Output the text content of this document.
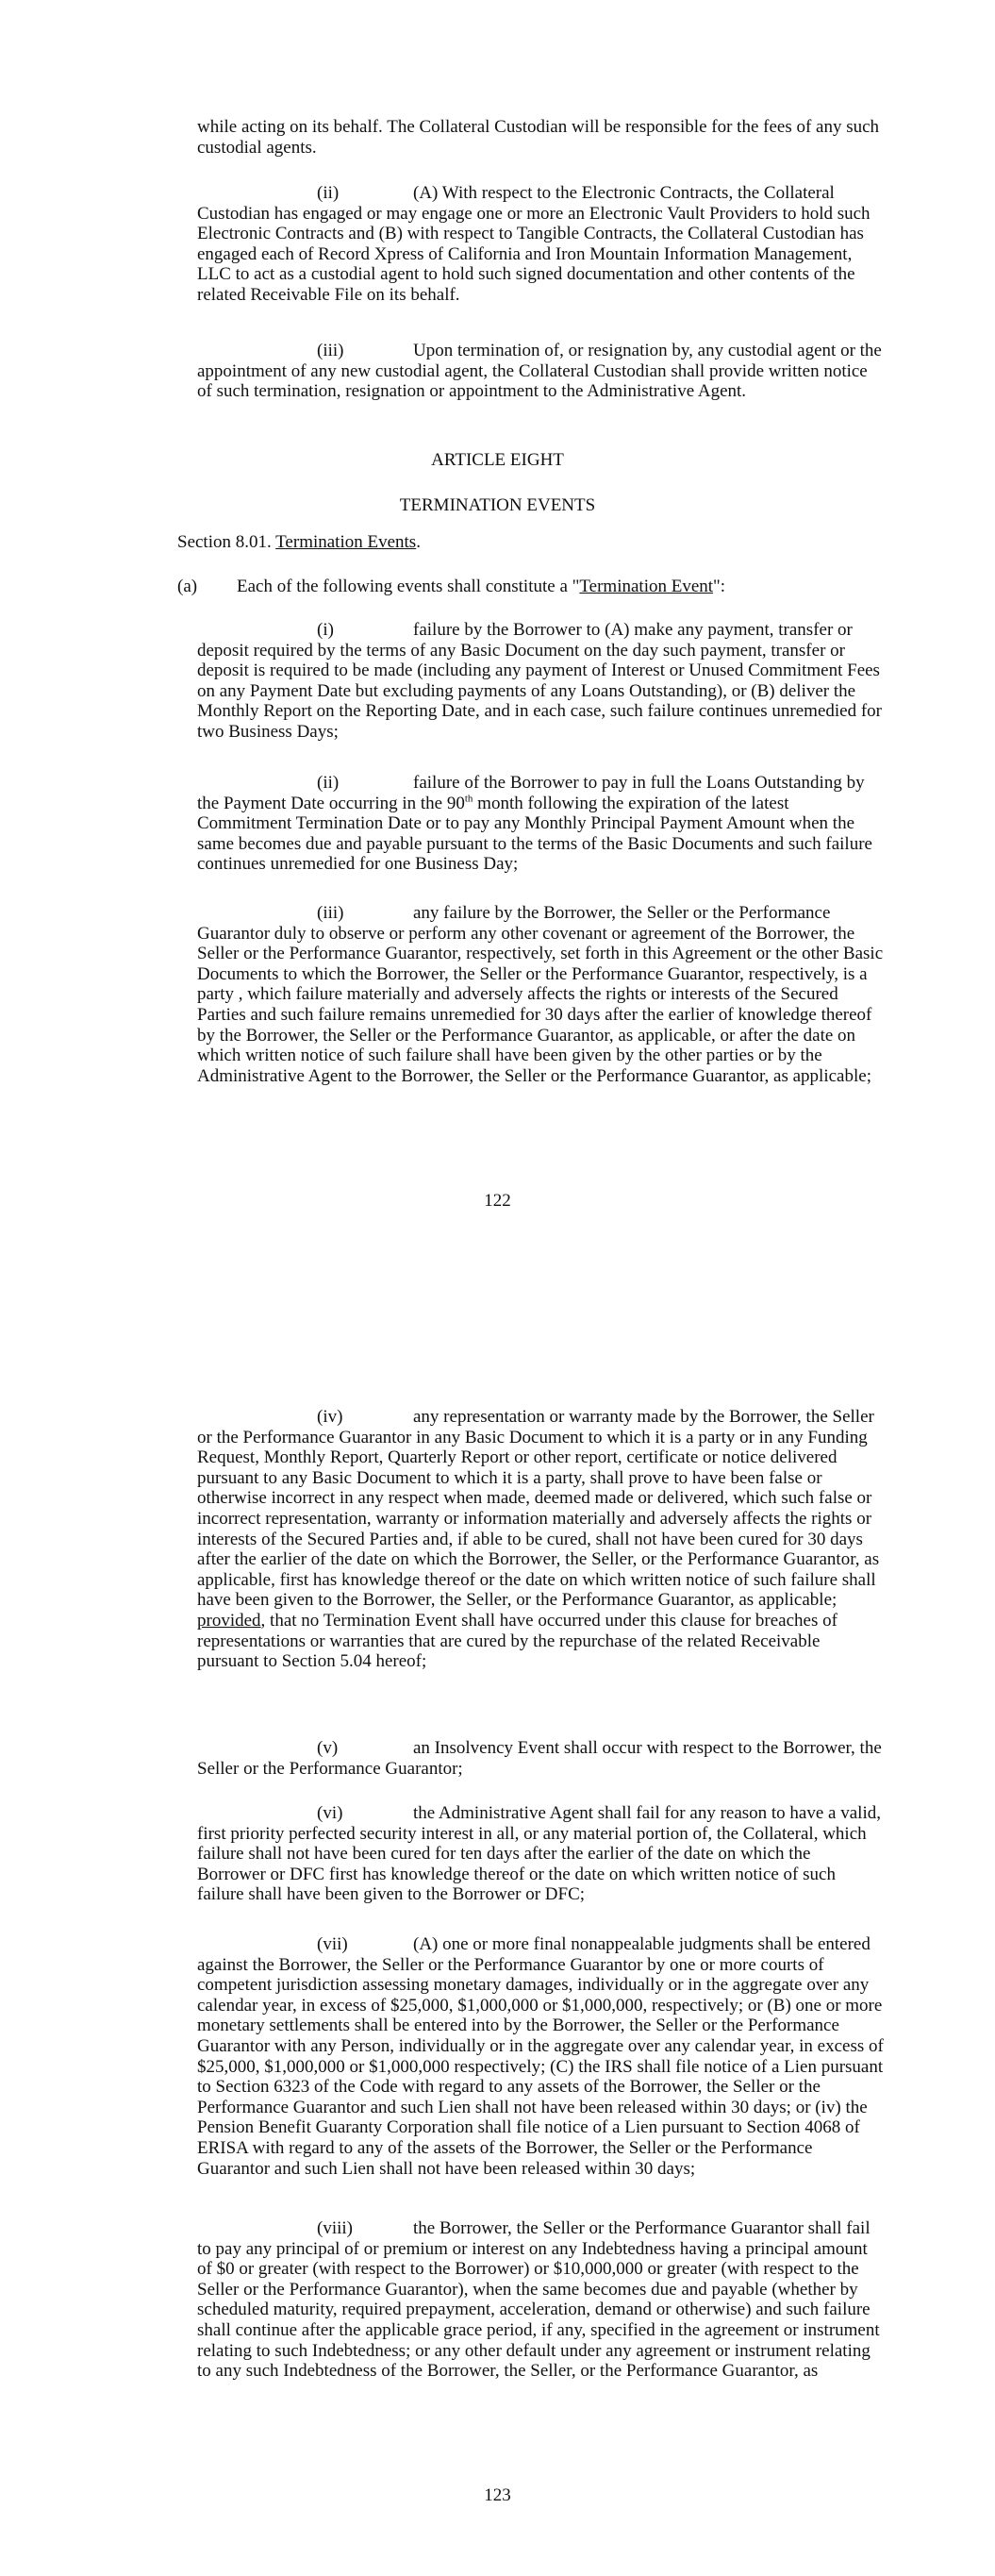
while acting on its behalf. The Collateral Custodian will be responsible for the fees of any such custodial agents.

(ii)	(A) With respect to the Electronic Contracts, the Collateral Custodian has engaged or may engage one or more an Electronic Vault Providers to hold such Electronic Contracts and (B) with respect to Tangible Contracts, the Collateral Custodian has engaged each of Record Xpress of California and Iron Mountain Information Management, LLC to act as a custodial agent to hold such signed documentation and other contents of the related Receivable File on its behalf.

(iii)	Upon termination of, or resignation by, any custodial agent or the appointment of any new custodial agent, the Collateral Custodian shall provide written notice of such termination, resignation or appointment to the Administrative Agent.

ARTICLE EIGHT

TERMINATION EVENTS

Section 8.01. Termination Events.

(a) Each of the following events shall constitute a "Termination Event":

(i)	failure by the Borrower to (A) make any payment, transfer or deposit required by the terms of any Basic Document on the day such payment, transfer or deposit is required to be made (including any payment of Interest or Unused Commitment Fees on any Payment Date but excluding payments of any Loans Outstanding), or (B) deliver the Monthly Report on the Reporting Date, and in each case, such failure continues unremedied for two Business Days;

(ii)	failure of the Borrower to pay in full the Loans Outstanding by the Payment Date occurring in the 90th month following the expiration of the latest Commitment Termination Date or to pay any Monthly Principal Payment Amount when the same becomes due and payable pursuant to the terms of the Basic Documents and such failure continues unremedied for one Business Day;

(iii)	any failure by the Borrower, the Seller or the Performance Guarantor duly to observe or perform any other covenant or agreement of the Borrower, the Seller or the Performance Guarantor, respectively, set forth in this Agreement or the other Basic Documents to which the Borrower, the Seller or the Performance Guarantor, respectively, is a party , which failure materially and adversely affects the rights or interests of the Secured Parties and such failure remains unremedied for 30 days after the earlier of knowledge thereof by the Borrower, the Seller or the Performance Guarantor, as applicable, or after the date on which written notice of such failure shall have been given by the other parties or by the Administrative Agent to the Borrower, the Seller or the Performance Guarantor, as applicable;

122

(iv)	any representation or warranty made by the Borrower, the Seller or the Performance Guarantor in any Basic Document to which it is a party or in any Funding Request, Monthly Report, Quarterly Report or other report, certificate or notice delivered pursuant to any Basic Document to which it is a party, shall prove to have been false or otherwise incorrect in any respect when made, deemed made or delivered, which such false or incorrect representation, warranty or information materially and adversely affects the rights or interests of the Secured Parties and, if able to be cured, shall not have been cured for 30 days after the earlier of the date on which the Borrower, the Seller, or the Performance Guarantor, as applicable, first has knowledge thereof or the date on which written notice of such failure shall have been given to the Borrower, the Seller, or the Performance Guarantor, as applicable; provided, that no Termination Event shall have occurred under this clause for breaches of representations or warranties that are cured by the repurchase of the related Receivable pursuant to Section 5.04 hereof;

(v)	an Insolvency Event shall occur with respect to the Borrower, the Seller or the Performance Guarantor;

(vi)	the Administrative Agent shall fail for any reason to have a valid, first priority perfected security interest in all, or any material portion of, the Collateral, which failure shall not have been cured for ten days after the earlier of the date on which the Borrower or DFC first has knowledge thereof or the date on which written notice of such failure shall have been given to the Borrower or DFC;

(vii)	(A) one or more final nonappealable judgments shall be entered against the Borrower, the Seller or the Performance Guarantor by one or more courts of competent jurisdiction assessing monetary damages, individually or in the aggregate over any calendar year, in excess of $25,000, $1,000,000 or $1,000,000, respectively; or (B) one or more monetary settlements shall be entered into by the Borrower, the Seller or the Performance Guarantor with any Person, individually or in the aggregate over any calendar year, in excess of $25,000, $1,000,000 or $1,000,000 respectively; (C) the IRS shall file notice of a Lien pursuant to Section 6323 of the Code with regard to any assets of the Borrower, the Seller or the Performance Guarantor and such Lien shall not have been released within 30 days; or (iv) the Pension Benefit Guaranty Corporation shall file notice of a Lien pursuant to Section 4068 of ERISA with regard to any of the assets of the Borrower, the Seller or the Performance Guarantor and such Lien shall not have been released within 30 days;

(viii)	the Borrower, the Seller or the Performance Guarantor shall fail to pay any principal of or premium or interest on any Indebtedness having a principal amount of $0 or greater (with respect to the Borrower) or $10,000,000 or greater (with respect to the Seller or the Performance Guarantor), when the same becomes due and payable (whether by scheduled maturity, required prepayment, acceleration, demand or otherwise) and such failure shall continue after the applicable grace period, if any, specified in the agreement or instrument relating to such Indebtedness; or any other default under any agreement or instrument relating to any such Indebtedness of the Borrower, the Seller, or the Performance Guarantor, as

123
